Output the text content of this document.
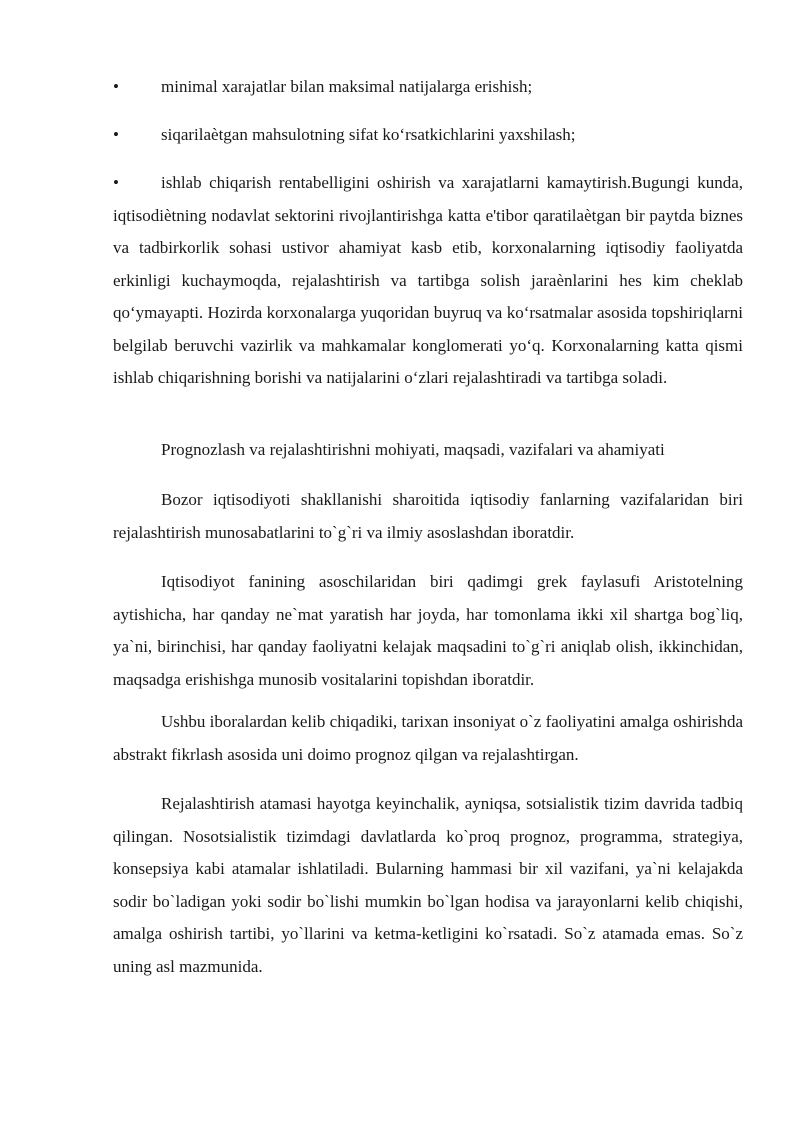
• minimal xarajatlar bilan maksimal natijalarga erishish;
• siqarilaètgan mahsulotning sifat ko‘rsatkichlarini yaxshilash;
•	ishlab chiqarish rentabelligini oshirish va xarajatlarni kamaytirish.Bugungi kunda, iqtisodiètning nodavlat sektorini rivojlantirishga katta e'tibor qaratilaètgan bir paytda biznes va tadbirkorlik sohasi ustivor ahamiyat kasb etib, korxonalarning iqtisodiy faoliyatda erkinligi kuchaymoqda, rejalashtirish va tartibga solish jaraènlarini hes kim cheklab qo‘ymayapti. Hozirda korxonalarga yuqoridan buyruq va ko‘rsatmalar asosida topshiriqlarni belgilab beruvchi vazirlik va mahkamalar konglomerati yo‘q. Korxonalarning katta qismi ishlab chiqarishning borishi va natijalarini o‘zlari rejalashtiradi va tartibga soladi.

Prognozlash va rejalashtirishni mohiyati, maqsadi, vazifalari va ahamiyati

Bozor iqtisodiyoti shakllanishi sharoitida iqtisodiy fanlarning vazifalaridan biri rejalashtirish munosabatlarini to`g`ri va ilmiy asoslashdan iboratdir.

Iqtisodiyot fanining asoschilaridan biri qadimgi grek faylasufi Aristotelning aytishicha, har qanday ne`mat yaratish har joyda, har tomonlama ikki xil shartga bog`liq, ya`ni, birinchisi, har qanday faoliyatni kelajak maqsadini to`g`ri aniqlab olish, ikkinchidan, maqsadga erishishga munosib vositalarini topishdan iboratdir.

Ushbu iboralardan kelib chiqadiki, tarixan insoniyat o`z faoliyatini amalga oshirishda abstrakt fikrlash asosida uni doimo prognoz qilgan va rejalashtirgan.

Rejalashtirish atamasi hayotga keyinchalik, ayniqsa, sotsialistik tizim davrida tadbiq qilingan. Nosotsialistik tizimdagi davlatlarda ko`proq prognoz, programma, strategiya, konsepsiya kabi atamalar ishlatiladi. Bularning hammasi bir xil vazifani, ya`ni kelajakda sodir bo`ladigan yoki sodir bo`lishi mumkin bo`lgan hodisa va jarayonlarni kelib chiqishi, amalga oshirish tartibi, yo`llarini va ketma-ketligini ko`rsatadi. So`z atamada emas. So`z uning asl mazmunida.
